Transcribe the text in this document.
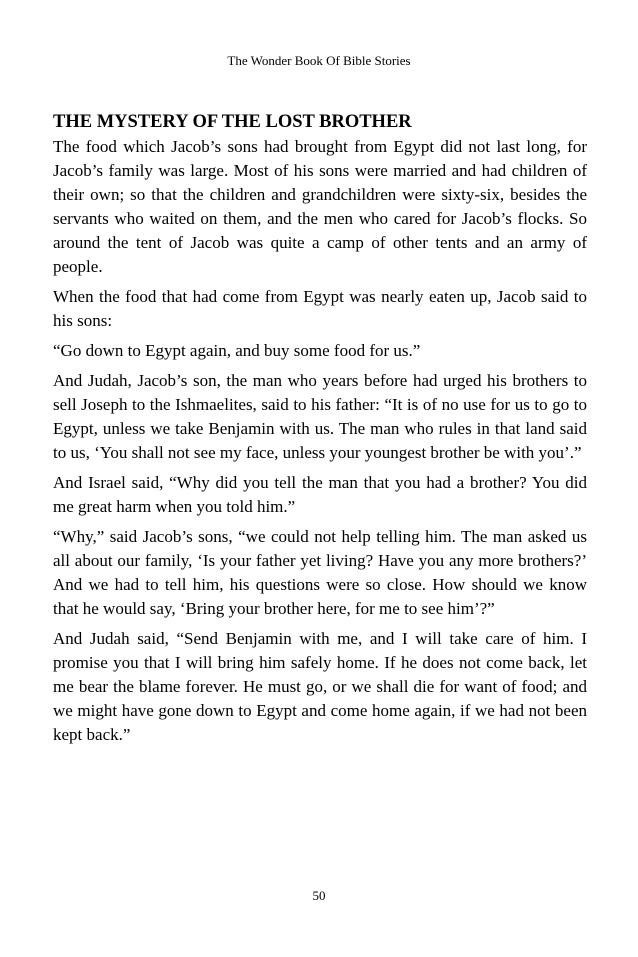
The Wonder Book Of Bible Stories
THE MYSTERY OF THE LOST BROTHER

The food which Jacob’s sons had brought from Egypt did not last long, for Jacob’s family was large. Most of his sons were married and had children of their own; so that the children and grandchildren were sixty-six, besides the servants who waited on them, and the men who cared for Jacob’s flocks. So around the tent of Jacob was quite a camp of other tents and an army of people.

When the food that had come from Egypt was nearly eaten up, Jacob said to his sons:

“Go down to Egypt again, and buy some food for us.”

And Judah, Jacob’s son, the man who years before had urged his brothers to sell Joseph to the Ishmaelites, said to his father: “It is of no use for us to go to Egypt, unless we take Benjamin with us. The man who rules in that land said to us, ‘You shall not see my face, unless your youngest brother be with you’.”

And Israel said, “Why did you tell the man that you had a brother? You did me great harm when you told him.”

“Why,” said Jacob’s sons, “we could not help telling him. The man asked us all about our family, ‘Is your father yet living? Have you any more brothers?’ And we had to tell him, his questions were so close. How should we know that he would say, ‘Bring your brother here, for me to see him’?”

And Judah said, “Send Benjamin with me, and I will take care of him. I promise you that I will bring him safely home. If he does not come back, let me bear the blame forever. He must go, or we shall die for want of food; and we might have gone down to Egypt and come home again, if we had not been kept back.”

50
